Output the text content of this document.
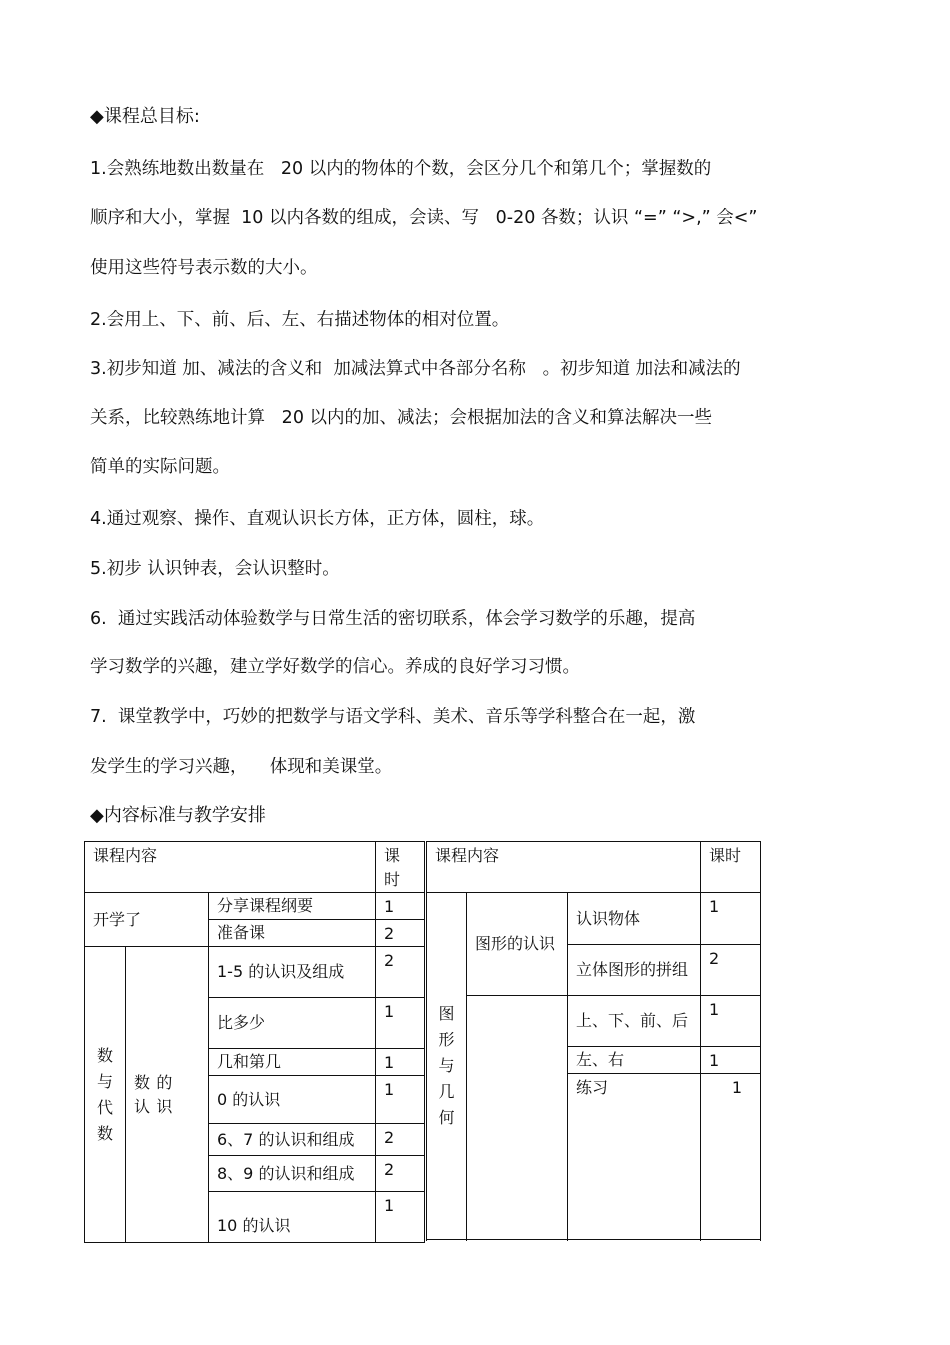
◆课程总目标:
1.会熟练地数出数量在   20 以内的物体的个数，会区分几个和第几个；掌握数的
顺序和大小，掌握  10 以内各数的组成，会读、写   0-20 各数；认识 “=” “>,” 会<”
使用这些符号表示数的大小。
2.会用上、下、前、后、左、右描述物体的相对位置。
3.初步知道 加、减法的含义和  加减法算式中各部分名称   。初步知道 加法和减法的
关系，比较熟练地计算   20 以内的加、减法；会根据加法的含义和算法解决一些
简单的实际问题。
4.通过观察、操作、直观认识长方体，正方体，圆柱，球。
5.初步 认识钟表，会认识整时。
6.  通过实践活动体验数学与日常生活的密切联系，体会学习数学的乐趣，提高
学习数学的兴趣，建立学好数学的信心。养成的良好学习习惯。
7.  课堂教学中，巧妙的把数学与语文学科、美术、音乐等学科整合在一起，激
发学生的学习兴趣，    体现和美课堂。
◆内容标准与教学安排
课程内容			课
时
开学了		分享课程纲要	1
		准备课	2
数
与
代
数	数的认识	1-5 的认识及组成	2
		比多少	1
		几和第几	1
		0 的认识	1
		6、7 的认识和组成	2
		8、9 的认识和组成	2
		10 的认识	1
课程内容			课时
图
形
与
几
何	图形的认识	认识物体	1
		立体图形的拼组	2
		上、下、前、后	1
		左、右	1
		练习	1
